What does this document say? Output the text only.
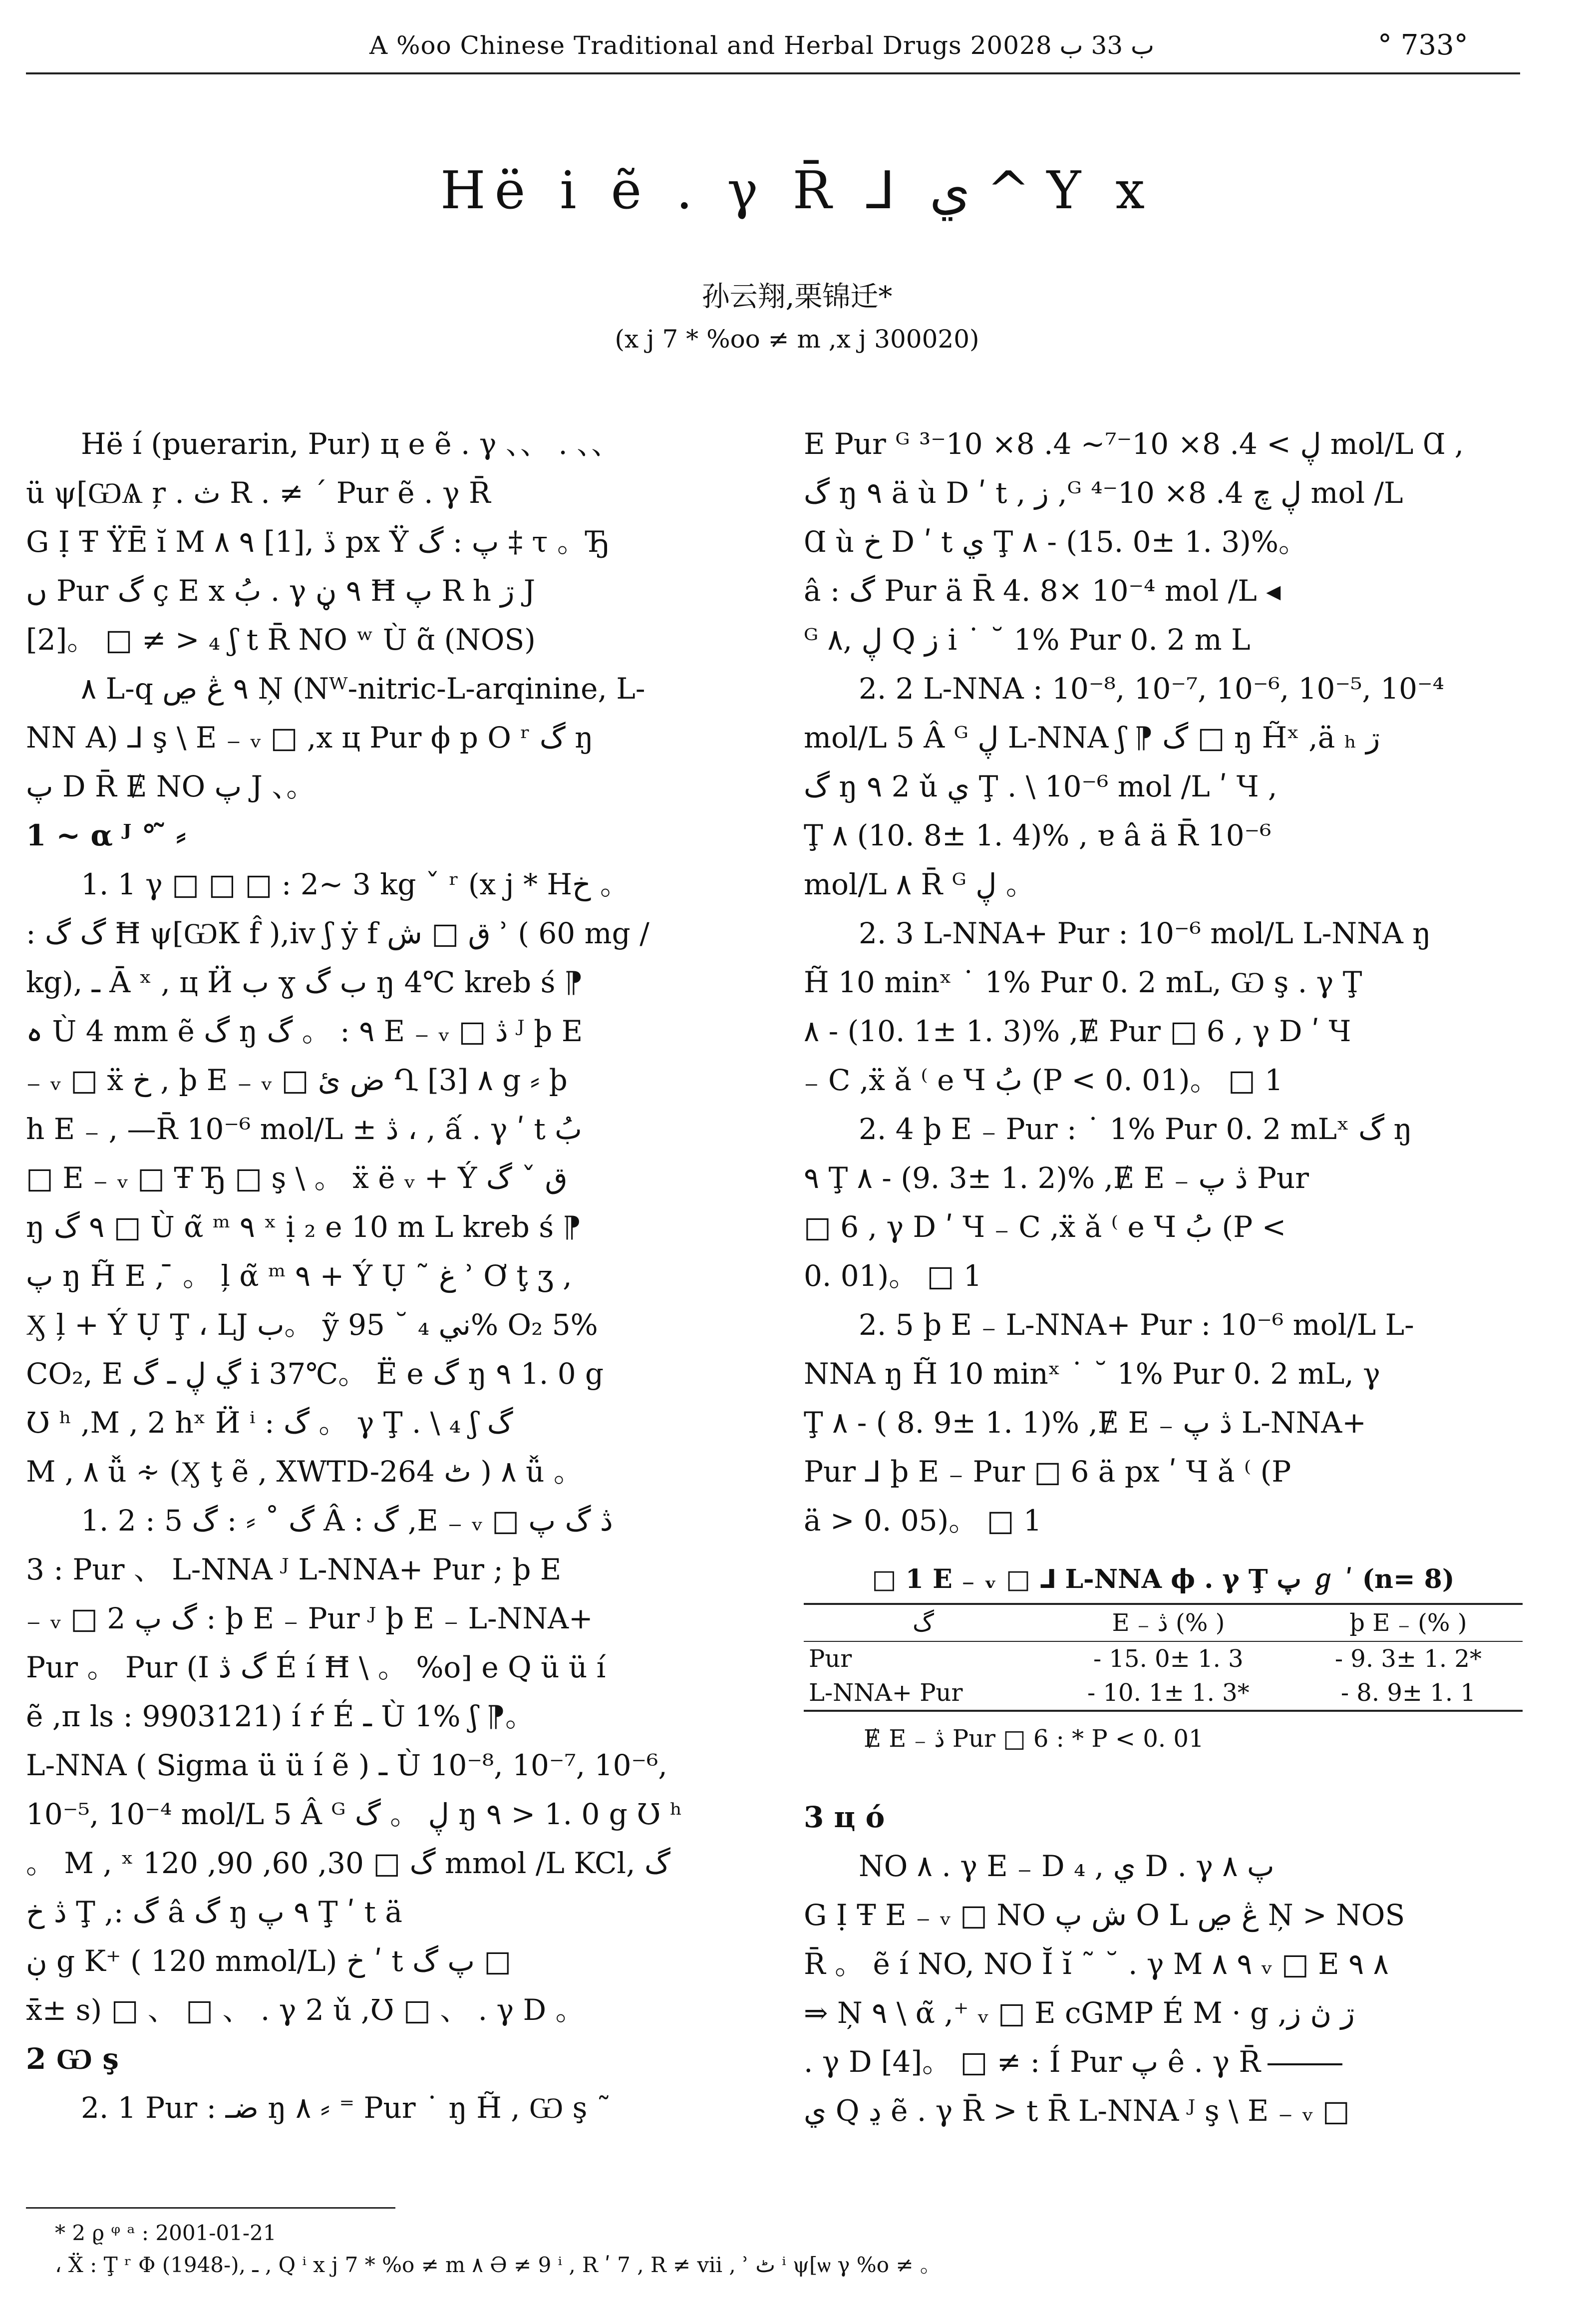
A %oo Chinese Traditional and Herbal Drugs 2002ب 33 ب 8	° 733°
Hë i ẽ . γ R̄ ⅃ ي ^ Y x
孙云翔,栗锦迁*
(x j 7 * %oo ≠ m ,x j 300020)

Hë í (puerarin, Pur) ц e ẽ . γ 、、 . 、、

ü ψ[ѠѦ ŗ . ث R . ≠ ´ Pur ẽ . γ R̄

G Ị Ŧ ŸĒ ĭ M ٩ ٨ [1], ڏ px Ÿ پ : گ ‡ τ 。Ђ

ں Pur گ ç E x بُ . γ ٩ ڼ Ħ پ R h ڗ J

[2]。 □ ≠ > ₄ ʃ t R̄ NO ʷ Ù ɑ̃ (NOS)

٨ L-q ٩ ڠ ڝ Ņ (Nᵂ-nitric-L-arqinine, L-

NN A) ⅃ ş \ E ₋ ᵥ □ ,x ц Pur ϕ p O ʳ گ ŋ

پ D R̄ Ɇ NO پ J 、。

1 ~ α ᴶ ° ̃ ⸗

1. 1 γ □ □ □ : 2~ 3 kg ˇ ʳ (x j * Hخ 。

: گ گ Ħ ψ[ѠК f̂ ),iv ʃ ẏ f ق □ ش ʾ ( 60 mg /

kg), ـ Ā ˣ , ц Ӥ ب ɣ ب گ ŋ 4℃ kreb ś ⁋

ہ Ù 4 mm ẽ گ ŋ ٩ : 。 گ E ₋ ᵥ □ ڎ ᴶ þ E

₋ ᵥ □ ẍ خ , þ E ₋ ᵥ □ ض ئ Ղ [3] ٨ g ⸗ þ

h E ₋ , —R̄ 10⁻⁶ mol/L ± ڎ ، , ấ . γ ʹ t بُ

□ E ₋ ᵥ □ Ŧ Ђ □ ş \ 。 ẍ ë ᵥ + Ý ق ˇ گ

ŋ ٩ گ □ Ù α̃ ᵐ ٩ ˣ ị ₂ e 10 m L kreb ś ⁋

پ ŋ H̃ E , ̄ 。 ļ α̃ ᵐ ٩ + Ý Ụ ˜ غ ʾ Ơ ţ ʒ ,

Ӽ ļ + Ý Ụ Ţ ، LJ ب。 ỹ ني ₄ ˘ 95% O₂ 5%

CO₂, E ڲ ڸ ـ گ i 37℃。 Ë e گ ŋ ٩ 1. 0 g

Ʊ ʰ ,M , 2 hˣ Ӥ ⁱ : گ 。 γ Ţ . \ ₄ ʃ گ

M , ٨ ǚ ∻ (Ӽ ţ ẽ , XWTD-264 ٹ ) ٨ ǚ 。

1. 2 : گ ˚ ⸗ : گ 5 Â : گ ,E ₋ ᵥ □ ڎ گ پ

3 : Pur 、 L-NNA ᴶ L-NNA+ Pur ; þ E

₋ ᵥ □ گ پ 2 : þ E ₋ Pur ᴶ þ E ₋ L-NNA+

Pur 。 Pur (I گ ڎ É í Ħ \ 。 %o] e Q ü ü í

ẽ ,ᴨ ls : 9903121) í ŕ É ـ Ù 1% ʃ ⁋。

L-NNA ( Sigma ü ü í ẽ ) ـ Ù 10⁻⁸, 10⁻⁷, 10⁻⁶,

10⁻⁵, 10⁻⁴ mol/L 5 Â ᴳ ڸ 。 گ ŋ ٩ > 1. 0 g Ʊ ʰ

。 M , ˣ گ □ 30, 60, 90, 120 mmol /L KCl, گ

ڎ خ Ţ ,: گ â گ ŋ ٩ پ Ţ ʹ t ä

ڹ g K⁺ ( 120 mmol/L) خ ʹ t پ گ □

x̄± s) □ 、 □ 、 . γ 2 ǔ ,Ʊ □ 、 . γ D 。

2 Ѡ ş

2. 1 Pur : ضـ ŋ ٨ ⸗ ⁼ Pur ˙ ŋ H̃ , Ѡ ş ˜

E Pur ᴳ ڸ > 4. 8× 10⁻⁷~ 4. 8× 10⁻³ mol/L Ɑ ,

گ ŋ ٩ ä ù D ʹ t , ز ,ᴳ ڸ چ 4. 8× 10⁻⁴ mol /L

Ɑ ù خ D ʹ t ي Ţ ٨ - (15. 0± 1. 3)%。

â : گ Pur ä R̄ 4. 8× 10⁻⁴ mol /L ◂

ᴳ ڸ ,٨ Q ز i ˙ ˘ 1% Pur 0. 2 m L

2. 2 L-NNA : 10⁻⁸, 10⁻⁷, 10⁻⁶, 10⁻⁵, 10⁻⁴

mol/L 5 Â ᴳ ڸ L-NNA ʃ ⁋ گ □ ŋ H̃ˣ ,ä ₕ ڗ

گ ŋ ٩ 2 ǔ ي Ţ . \ 10⁻⁶ mol /L ʹ Ч ,

Ţ ٨ (10. 8± 1. 4)% , ɐ â ä R̄ 10⁻⁶

mol/L ٨ R̄ ᴳ ڸ 。

2. 3 L-NNA+ Pur : 10⁻⁶ mol/L L-NNA ŋ

H̃ 10 minˣ ˙ 1% Pur 0. 2 mL, Ѡ ş . γ Ţ

٨ - (10. 1± 1. 3)% ,Ɇ Pur □ 6 , γ D ʹ Ч

₋ C ,ẍ ǎ ⁽ e Ч بُ (P < 0. 01)。 □ 1

2. 4 þ E ₋ Pur : ˙ 1% Pur 0. 2 mLˣ گ ŋ

٩ Ţ ٨ - (9. 3± 1. 2)% ,Ɇ E ₋ ڎ پ Pur

□ 6 , γ D ʹ Ч ₋ C ,ẍ ǎ ⁽ e Ч بُ (P <

0. 01)。 □ 1

2. 5 þ E ₋ L-NNA+ Pur : 10⁻⁶ mol/L L-

NNA ŋ H̃ 10 minˣ ˙ ˘ 1% Pur 0. 2 mL, γ

Ţ ٨ - ( 8. 9± 1. 1)% ,Ɇ E ₋ ڎ پ L-NNA+

Pur ⅃ þ E ₋ Pur □ 6 ä px ʹ Ч ǎ ⁽ (P

ä > 0. 05)。 □ 1

□ 1 E ₋ ᵥ □ ⅃ L-NNA ϕ . γ Ţ پ ℊ ʹ (n= 8)
گ	E ₋ ڎ (% )	þ E ₋ (% )
Pur	- 15. 0± 1. 3	- 9. 3± 1. 2*
L-NNA+ Pur	- 10. 1± 1. 3*	- 8. 9± 1. 1
Ɇ E ₋ ڎ Pur □ 6 : * P < 0. 01

3 ц ó

NO ٨ . γ E ₋ D ₄ , ي D . γ پ ٨

G Ị Ŧ E ₋ ᵥ □ NO ش پ O L ڠ ڝ Ņ > NOS

R̄ 。 ẽ í NO, NO Ĭ ĭ ˜ ˘ . γ M ٩ ٨ ᵥ □ E ٨ ٩

⇒ Ņ ٩ \ α̃ ,⁺ ᵥ □ E cGMP É M · g ,ڗ ڽ ز

. γ D [4]。 □ ≠ : Í Pur پ ê . γ R̄

ي Q ڍ ẽ . γ R̄ > t R̄ L-NNA ᴶ ş \ E ₋ ᵥ □

* 2 ϱ ᵠ ᵃ : 2001-01-21

، Ẍ : Ţ ʳ Φ (1948-), ـ , Q ⁱ x j 7 * %o ≠ m ٨ Ә ≠ 9 ⁱ , R ʹ 7 , R ≠ vii , ʾ ٹ ⁱ ψ[ѡ γ %o ≠ 。
